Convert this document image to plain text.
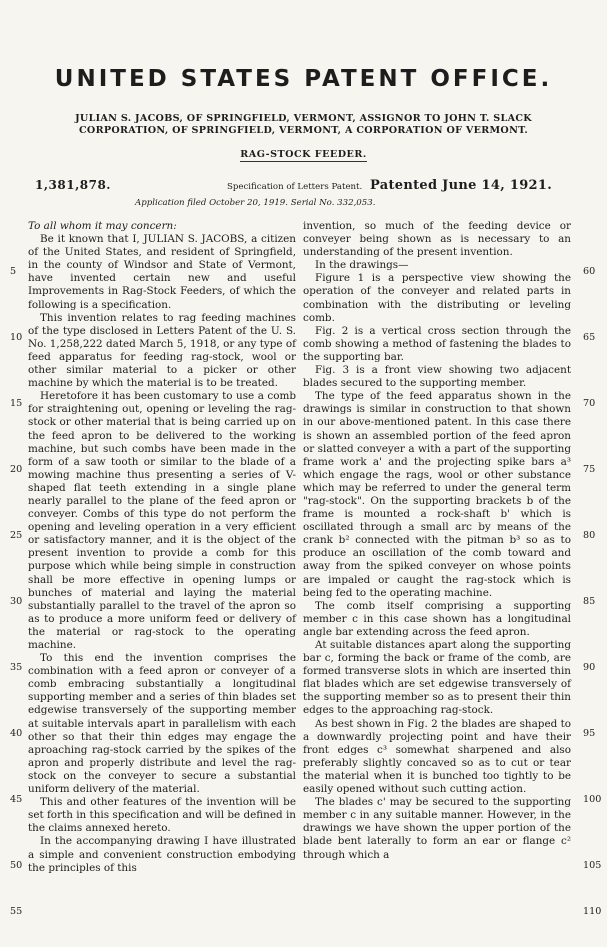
UNITED STATES PATENT OFFICE.
JULIAN S. JACOBS, OF SPRINGFIELD, VERMONT, ASSIGNOR TO JOHN T. SLACK
CORPORATION, OF SPRINGFIELD, VERMONT, A CORPORATION OF VERMONT.
RAG-STOCK FEEDER.
1,381,878.	Specification of Letters Patent. Patented June 14, 1921.
Application filed October 20, 1919. Serial No. 332,053.

To all whom it may concern:

Be it known that I, JULIAN S. JACOBS, a citizen of the United States, and resident of Springfield, in the county of Windsor and State of Vermont, have invented certain new and useful Improvements in Rag-Stock Feeders, of which the following is a specification.

This invention relates to rag feeding machines of the type disclosed in Letters Patent of the U. S. No. 1,258,222 dated March 5, 1918, or any type of feed apparatus for feeding rag-stock, wool or other similar material to a picker or other machine by which the material is to be treated.

Heretofore it has been customary to use a comb for straightening out, opening or leveling the rag-stock or other material that is being carried up on the feed apron to be delivered to the working machine, but such combs have been made in the form of a saw tooth or similar to the blade of a mowing machine thus presenting a series of V-shaped flat teeth extending in a single plane nearly parallel to the plane of the feed apron or conveyer. Combs of this type do not perform the opening and leveling operation in a very efficient or satisfactory manner, and it is the object of the present invention to provide a comb for this purpose which while being simple in construction shall be more effective in opening lumps or bunches of material and laying the material substantially parallel to the travel of the apron so as to produce a more uniform feed or delivery of the material or rag-stock to the operating machine.

To this end the invention comprises the combination with a feed apron or conveyer of a comb embracing substantially a longitudinal supporting member and a series of thin blades set edgewise transversely of the supporting member at suitable intervals apart in parallelism with each other so that their thin edges may engage the aproaching rag-stock carried by the spikes of the apron and properly distribute and level the rag-stock on the conveyer to secure a substantial uniform delivery of the material.

This and other features of the invention will be set forth in this specification and will be defined in the claims annexed hereto.

In the accompanying drawing I have illustrated a simple and convenient construction embodying the principles of this

invention, so much of the feeding device or conveyer being shown as is necessary to an understanding of the present invention.

In the drawings—

Figure 1 is a perspective view showing the operation of the conveyer and related parts in combination with the distributing or leveling comb.

Fig. 2 is a vertical cross section through the comb showing a method of fastening the blades to the supporting bar.

Fig. 3 is a front view showing two adjacent blades secured to the supporting member.

The type of the feed apparatus shown in the drawings is similar in construction to that shown in our above-mentioned patent. In this case there is shown an assembled portion of the feed apron or slatted conveyer a with a part of the supporting frame work a' and the projecting spike bars a³ which engage the rags, wool or other substance which may be referred to under the general term "rag-stock". On the supporting brackets b of the frame is mounted a rock-shaft b' which is oscillated through a small arc by means of the crank b² connected with the pitman b³ so as to produce an oscillation of the comb toward and away from the spiked conveyer on whose points are impaled or caught the rag-stock which is being fed to the operating machine.

The comb itself comprising a supporting member c in this case shown has a longitudinal angle bar extending across the feed apron.

At suitable distances apart along the supporting bar c, forming the back or frame of the comb, are formed transverse slots in which are inserted thin flat blades which are set edgewise transversely of the supporting member so as to present their thin edges to the approaching rag-stock.

As best shown in Fig. 2 the blades are shaped to a downwardly projecting point and have their front edges c³ somewhat sharpened and also preferably slightly concaved so as to cut or tear the material when it is bunched too tightly to be easily opened without such cutting action.

The blades c' may be secured to the supporting member c in any suitable manner. However, in the drawings we have shown the upper portion of the blade bent laterally to form an ear or flange c² through which a

5
10
15
20
25
30
35
40
45
50
55
60
65
70
75
80
85
90
95
100
105
110
